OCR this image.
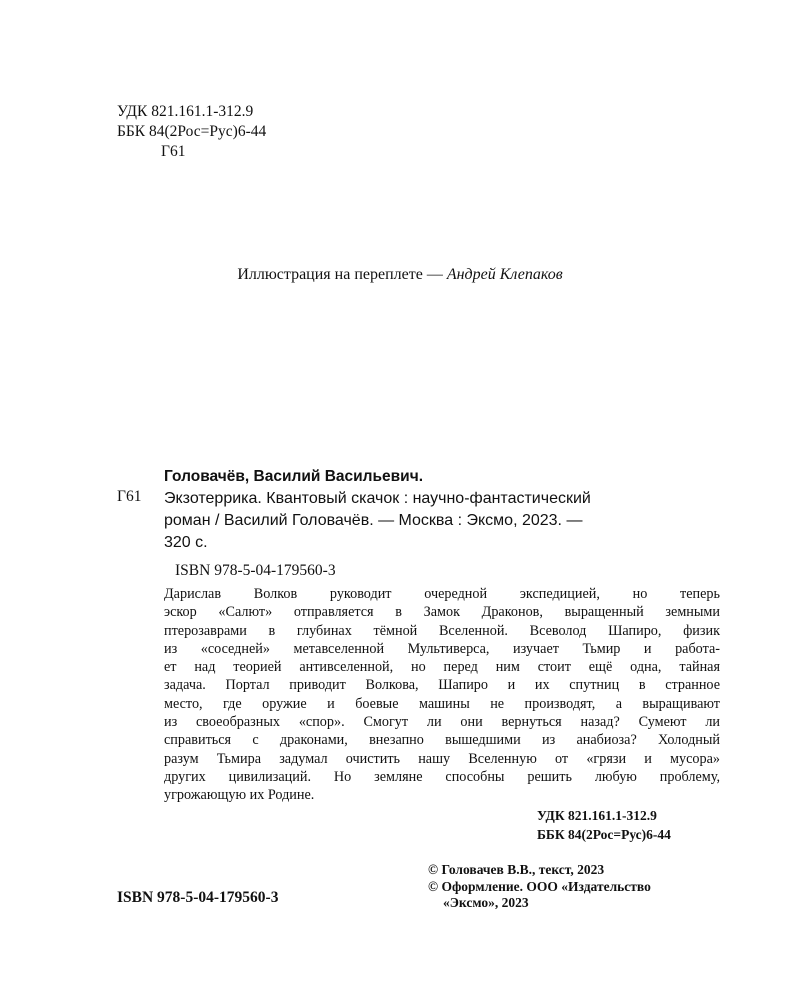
УДК 821.161.1-312.9
ББК 84(2Рос=Рус)6-44
Г61
Иллюстрация на переплете — Андрей Клепаков
Головачёв, Василий Васильевич.
Г61 Экзотеррика. Квантовый скачок : научно-фантастический
роман / Василий Головачёв. — Москва : Эксмо, 2023. —
320 с.
ISBN 978-5-04-179560-3
Дарислав Волков руководит очередной экспедицией, но теперь
эскор «Салют» отправляется в Замок Драконов, выращенный земными
птерозаврами в глубинах тёмной Вселенной. Всеволод Шапиро, физик
из «соседней» метавселенной Мультиверса, изучает Тьмир и работа-
ет над теорией антивселенной, но перед ним стоит ещё одна, тайная
задача. Портал приводит Волкова, Шапиро и их спутниц в странное
место, где оружие и боевые машины не производят, а выращивают
из своеобразных «спор». Смогут ли они вернуться назад? Сумеют ли
справиться с драконами, внезапно вышедшими из анабиоза? Холодный
разум Тьмира задумал очистить нашу Вселенную от «грязи и мусора»
других цивилизаций. Но земляне способны решить любую проблему,
угрожающую их Родине.
УДК 821.161.1-312.9
ББК 84(2Рос=Рус)6-44
© Головачев В.В., текст, 2023
© Оформление. ООО «Издательство
«Эксмо», 2023
ISBN 978-5-04-179560-3
